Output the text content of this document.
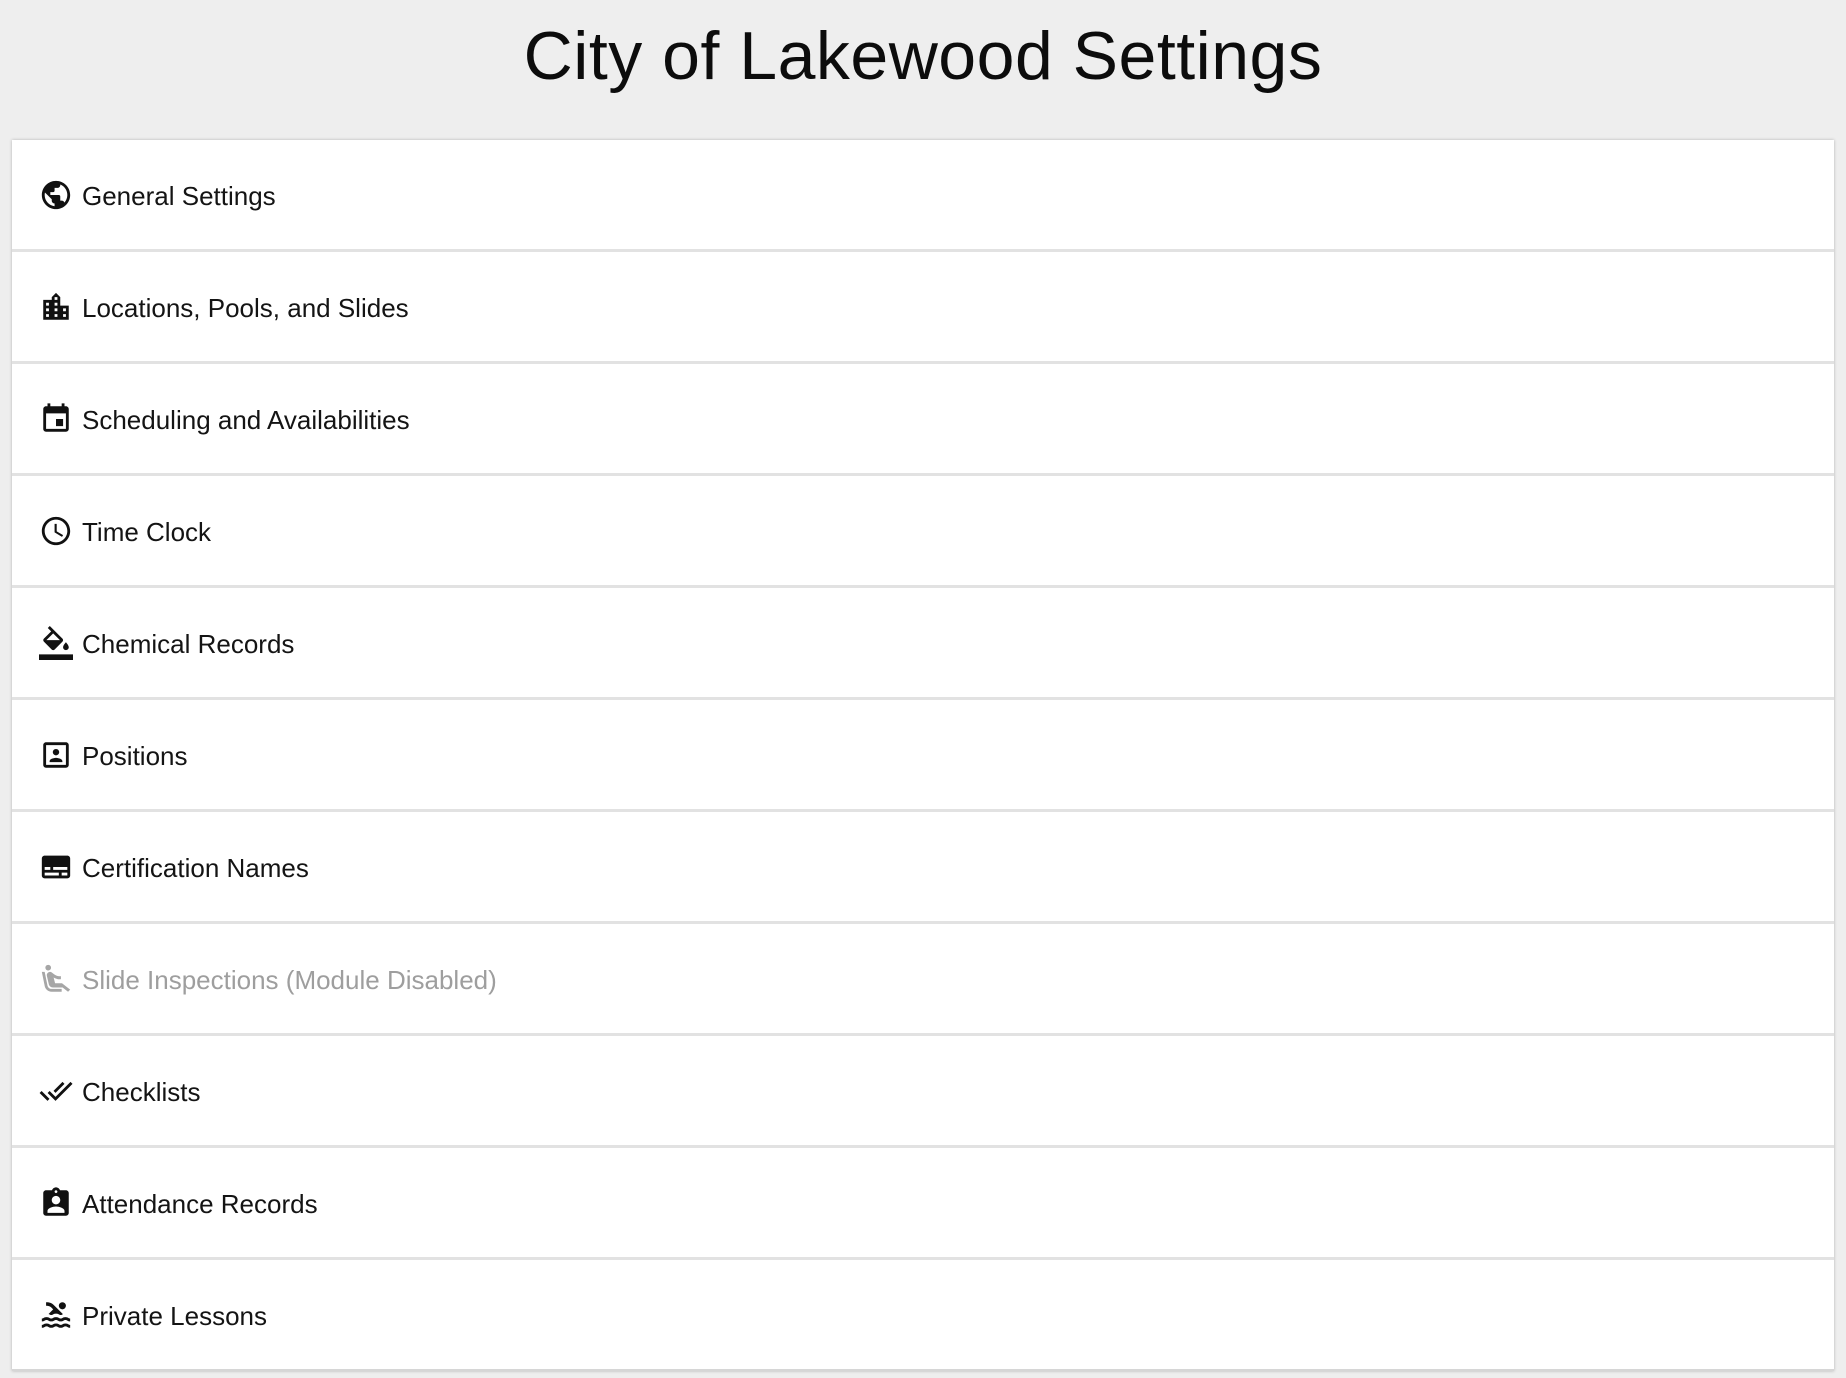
City of Lakewood Settings
General Settings
Locations, Pools, and Slides
Scheduling and Availabilities
Time Clock
Chemical Records
Positions
Certification Names
Slide Inspections (Module Disabled)
Checklists
Attendance Records
Private Lessons
